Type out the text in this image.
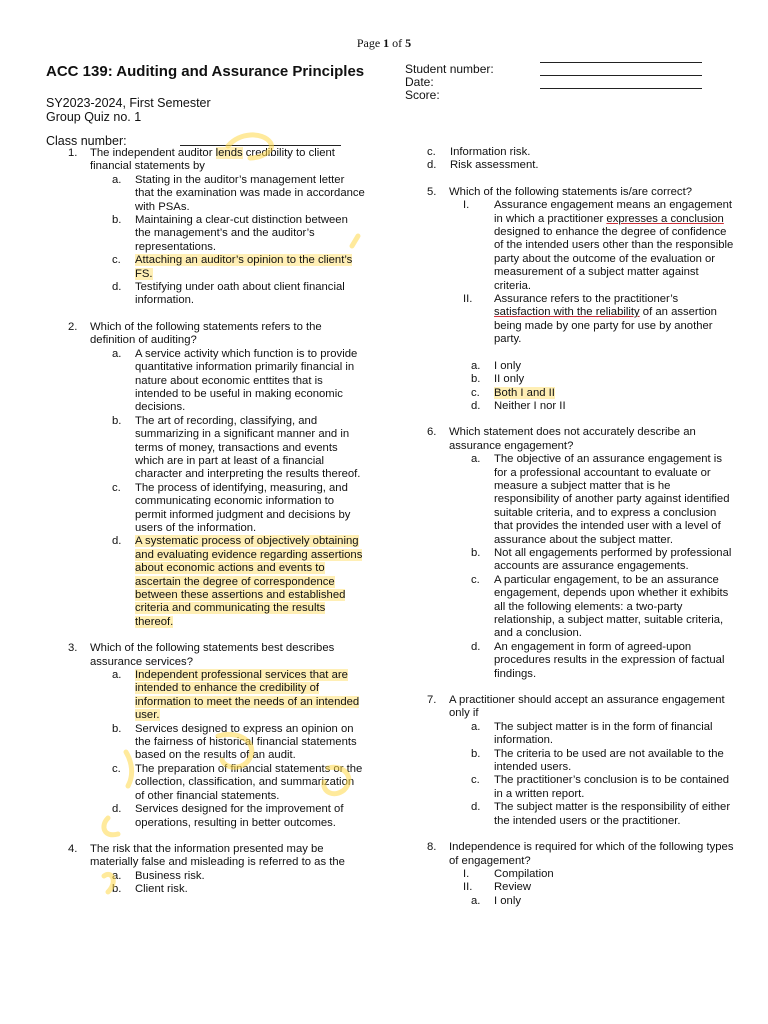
Page 1 of 5
ACC 139: Auditing and Assurance Principles
SY2023-2024, First Semester
Group Quiz no. 1
Class number:
Student number:
Date:
Score:
1.	The independent auditor lends credibility to client financial statements by
a. Stating in the auditor’s management letter that the examination was made in accordance with PSAs.
b. Maintaining a clear-cut distinction between the management’s and the auditor’s representations.
c. Attaching an auditor’s opinion to the client’s FS.
d. Testifying under oath about client financial information.
2.	Which of the following statements refers to the definition of auditing?
a. A service activity which function is to provide quantitative information primarily financial in nature about economic enttites that is intended to be useful in making economic decisions.
b. The art of recording, classifying, and summarizing in a significant manner and in terms of money, transactions and events which are in part at least of a financial character and interpreting the results thereof.
c. The process of identifying, measuring, and communicating economic information to permit informed judgment and decisions by users of the information.
d. A systematic process of objectively obtaining and evaluating evidence regarding assertions about economic actions and events to ascertain the degree of correspondence between these assertions and established criteria and communicating the results thereof.
3.	Which of the following statements best describes assurance services?
a. Independent professional services that are intended to enhance the credibility of information to meet the needs of an intended user.
b. Services designed to express an opinion on the fairness of historical financial statements based on the results of an audit.
c. The preparation of financial statements or the collection, classification, and summarization of other financial statements.
d. Services designed for the improvement of operations, resulting in better outcomes.
4.	The risk that the information presented may be materially false and misleading is referred to as the
a. Business risk.
b. Client risk.
c. Information risk.
d. Risk assessment.
5.	Which of the following statements is/are correct?
I. Assurance engagement means an engagement in which a practitioner expresses a conclusion designed to enhance the degree of confidence of the intended users other than the responsible party about the outcome of the evaluation or measurement of a subject matter against criteria.
II. Assurance refers to the practitioner’s satisfaction with the reliability of an assertion being made by one party for use by another party.
a. I only
b. II only
c. Both I and II
d. Neither I nor II
6.	Which statement does not accurately describe an assurance engagement?
a. The objective of an assurance engagement is for a professional accountant to evaluate or measure a subject matter that is he responsibility of another party against identified suitable criteria, and to express a conclusion that provides the intended user with a level of assurance about the subject matter.
b. Not all engagements performed by professional accounts are assurance engagements.
c. A particular engagement, to be an assurance engagement, depends upon whether it exhibits all the following elements: a two-party relationship, a subject matter, suitable criteria, and a conclusion.
d. An engagement in form of agreed-upon procedures results in the expression of factual findings.
7.	A practitioner should accept an assurance engagement only if
a. The subject matter is in the form of financial information.
b. The criteria to be used are not available to the intended users.
c. The practitioner’s conclusion is to be contained in a written report.
d. The subject matter is the responsibility of either the intended users or the practitioner.
8.	Independence is required for which of the following types of engagement?
I. Compilation
II. Review
a. I only
